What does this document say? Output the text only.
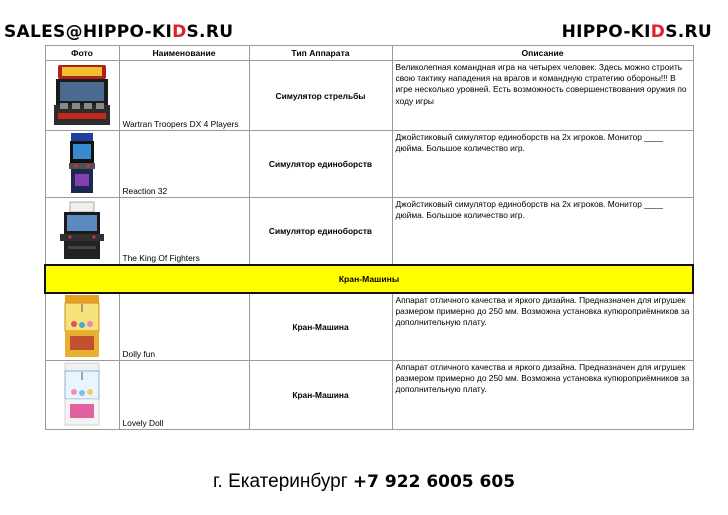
SALES@HIPPO-KIDS.RU	HIPPO-KIDS.RU
Фото	Наименование	Тип Аппарата	Описание
	Wartran Troopers DX 4 Players	Симулятор стрельбы	Великолепная командная игра на четырех человек. Здесь можно строить свою тактику нападения на врагов и командную стратегию обороны!!! В игре несколько уровней. Есть возможность совершенствования оружия по ходу игры
	Reaction 32	Симулятор единоборств	Джойстиковый симулятор единоборств на 2х игроков. Монитор ____ дюйма. Большое количество игр.
	The King Of Fighters	Симулятор единоборств	Джойстиковый симулятор единоборств на 2х игроков. Монитор ____ дюйма. Большое количество игр.
Кран-Машины			
	Dolly fun	Кран-Машина	Аппарат отличного качества и яркого дизайна. Предназначен для игрушек размером примерно до 250 мм. Возможна установка купюроприёмников за дополнительную плату.
	Lovely Doll	Кран-Машина	Аппарат отличного качества и яркого дизайна. Предназначен для игрушек размером примерно до 250 мм. Возможна установка купюроприёмников за дополнительную плату.
г. Екатеринбург +7 922 6005 605
